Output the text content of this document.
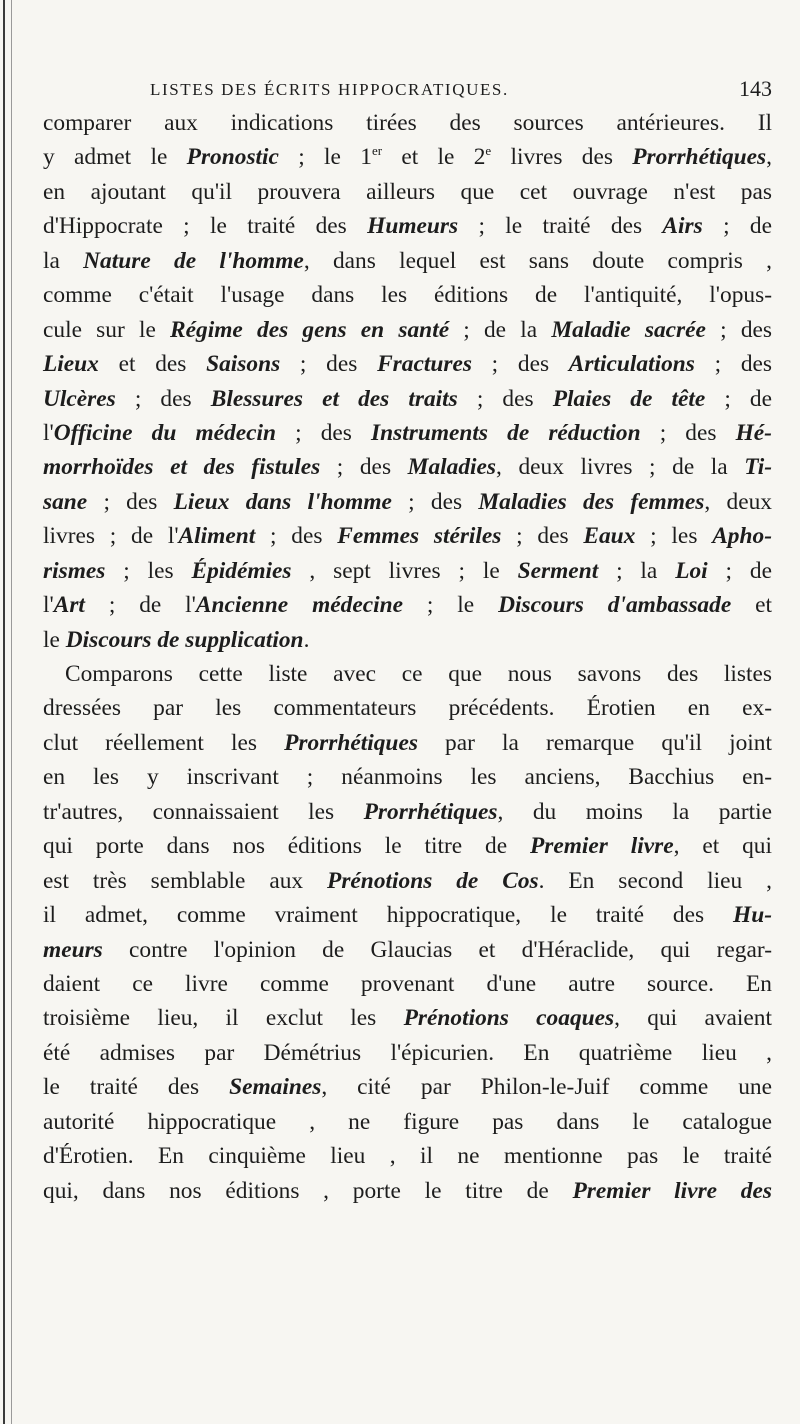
LISTES DES ÉCRITS HIPPOCRATIQUES.	143
comparer aux indications tirées des sources antérieures. Il
y admet le Pronostic ; le 1er et le 2e livres des Prorrhétiques,
en ajoutant qu'il prouvera ailleurs que cet ouvrage n'est pas
d'Hippocrate ; le traité des Humeurs ; le traité des Airs ; de
la Nature de l'homme, dans lequel est sans doute compris ,
comme c'était l'usage dans les éditions de l'antiquité, l'opus-
cule sur le Régime des gens en santé ; de la Maladie sacrée ; des
Lieux et des Saisons ; des Fractures ; des Articulations ; des
Ulcères ; des Blessures et des traits ; des Plaies de tête ; de
l'Officine du médecin ; des Instruments de réduction ; des Hé-
morrhoïdes et des fistules ; des Maladies, deux livres ; de la Ti-
sane ; des Lieux dans l'homme ; des Maladies des femmes, deux
livres ; de l'Aliment ; des Femmes stériles ; des Eaux ; les Apho-
rismes ; les Épidémies , sept livres ; le Serment ; la Loi ; de
l'Art ; de l'Ancienne médecine ; le Discours d'ambassade et
le Discours de supplication.
Comparons cette liste avec ce que nous savons des listes
dressées par les commentateurs précédents. Érotien en ex-
clut réellement les Prorrhétiques par la remarque qu'il joint
en les y inscrivant ; néanmoins les anciens, Bacchius en-
tr'autres, connaissaient les Prorrhétiques, du moins la partie
qui porte dans nos éditions le titre de Premier livre, et qui
est très semblable aux Prénotions de Cos. En second lieu ,
il admet, comme vraiment hippocratique, le traité des Hu-
meurs contre l'opinion de Glaucias et d'Héraclide, qui regar-
daient ce livre comme provenant d'une autre source. En
troisième lieu, il exclut les Prénotions coaques, qui avaient
été admises par Démétrius l'épicurien. En quatrième lieu ,
le traité des Semaines, cité par Philon-le-Juif comme une
autorité hippocratique , ne figure pas dans le catalogue
d'Érotien. En cinquième lieu , il ne mentionne pas le traité
qui, dans nos éditions , porte le titre de Premier livre des
